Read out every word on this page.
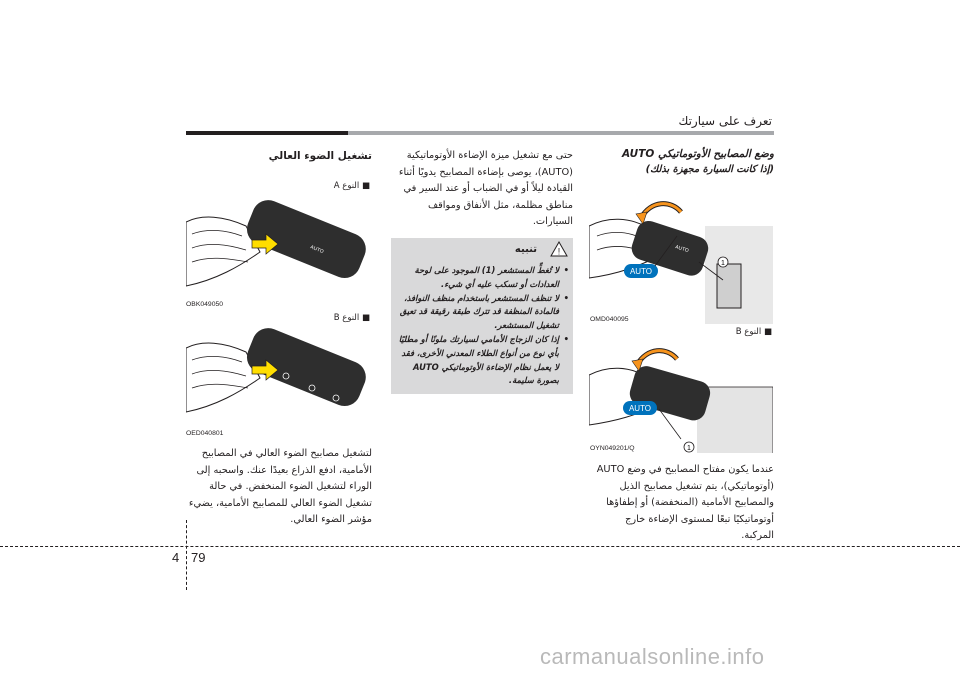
تعرف على سيارتك
وضع المصابيح الأوتوماتيكي AUTO
(إذا كانت السيارة مجهزة بذلك)
AUTO
AUTO
1
OMD040095
■ النوع B
AUTO
1
OYN049201/Q
عندما يكون مفتاح المصابيح في وضع AUTO (أوتوماتيكي)، يتم تشغيل مصابيح الذيل والمصابيح الأمامية (المنخفضة) أو إطفاؤها أوتوماتيكيًا تبعًا لمستوى الإضاءة خارج المركبة.
حتى مع تشغيل ميزة الإضاءة الأوتوماتيكية (AUTO)، يوصى بإضاءة المصابيح يدويًا أثناء القيادة ليلاً أو في الضباب أو عند السير في مناطق مظلمة، مثل الأنفاق ومواقف السيارات.
!
تنبيه
• لا تُغطِّ المستشعر (1) الموجود على لوحة العدادات أو تسكب عليه أي شيء.
• لا تنظف المستشعر باستخدام منظف النوافذ، فالمادة المنظفة قد تترك طبقة رقيقة قد تعيق تشغيل المستشعر.
• إذا كان الزجاج الأمامي لسيارتك ملونًا أو مطليًا بأي نوع من أنواع الطلاء المعدني الأخرى، فقد لا يعمل نظام الإضاءة الأوتوماتيكي AUTO بصورة سليمة.
تشغيل الضوء العالي
■ النوع A
OFF
AUTO
OBK049050
■ النوع B
OED040801
لتشغيل مصابيح الضوء العالي في المصابيح الأمامية، ادفع الذراع بعيدًا عنك. واسحبه إلى الوراء لتشغيل الضوء المنخفض. في حالة تشغيل الضوء العالي للمصابيح الأمامية، يضيء مؤشر الضوء العالي.
4 79
carmanualsonline.info
